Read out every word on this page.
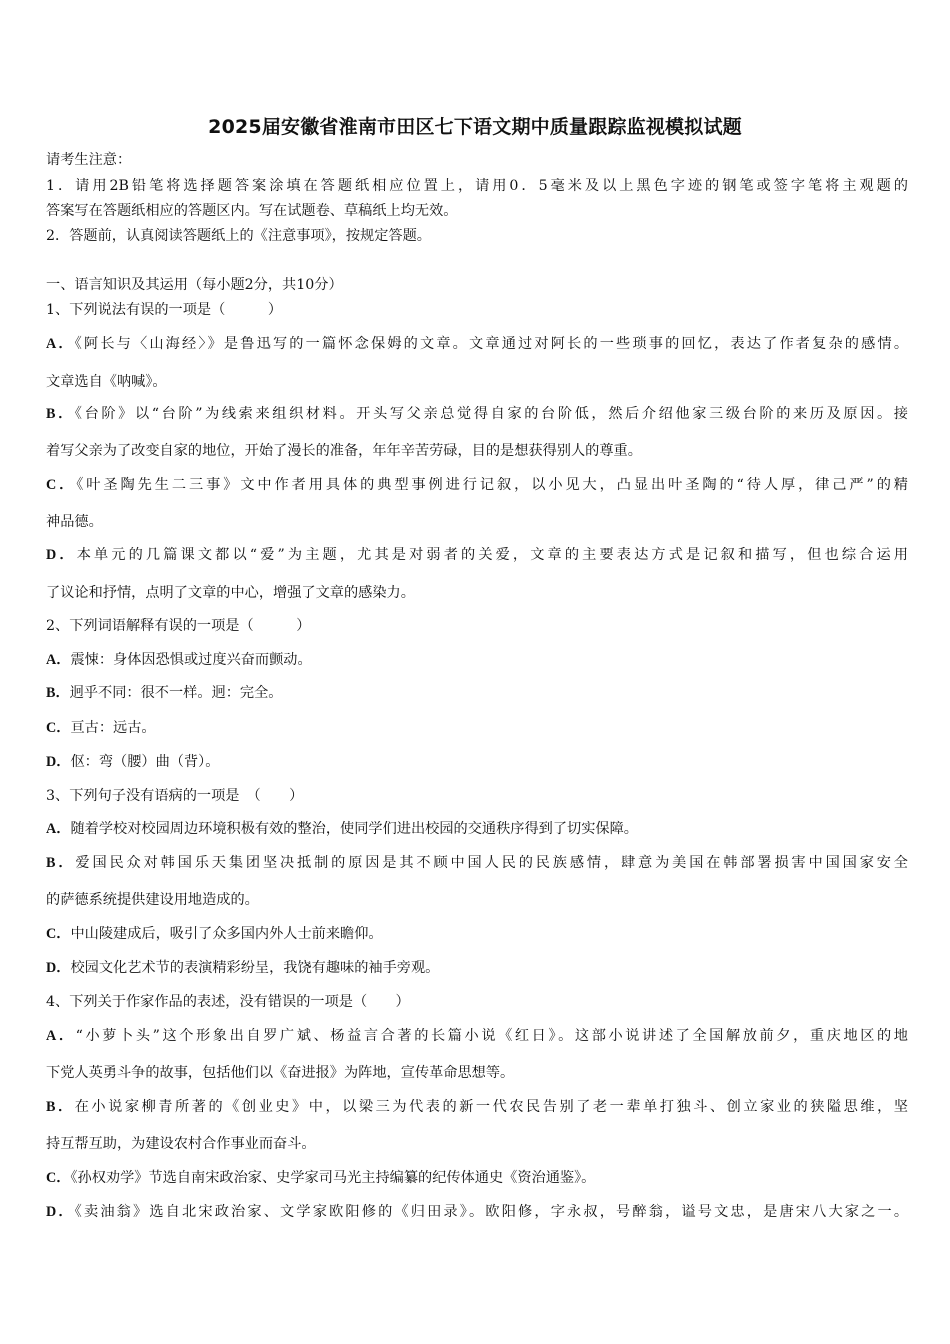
2025届安徽省淮南市田区七下语文期中质量跟踪监视模拟试题
请考生注意：
1．请用2B铅笔将选择题答案涂填在答题纸相应位置上，请用0．5毫米及以上黑色字迹的钢笔或签字笔将主观题的
答案写在答题纸相应的答题区内。写在试题卷、草稿纸上均无效。
2．答题前，认真阅读答题纸上的《注意事项》，按规定答题。
一、语言知识及其运用（每小题2分，共10分）
1、下列说法有误的一项是（　　　）
A．《阿长与〈山海经〉》是鲁迅写的一篇怀念保姆的文章。文章通过对阿长的一些琐事的回忆，表达了作者复杂的感情。
文章选自《呐喊》。
B．《台阶》以“台阶”为线索来组织材料。开头写父亲总觉得自家的台阶低，然后介绍他家三级台阶的来历及原因。接
着写父亲为了改变自家的地位，开始了漫长的准备，年年辛苦劳碌，目的是想获得别人的尊重。
C．《叶圣陶先生二三事》文中作者用具体的典型事例进行记叙，以小见大，凸显出叶圣陶的“待人厚，律己严”的精
神品德。
D．本单元的几篇课文都以“爱”为主题，尤其是对弱者的关爱，文章的主要表达方式是记叙和描写，但也综合运用
了议论和抒情，点明了文章的中心，增强了文章的感染力。
2、下列词语解释有误的一项是（　　　）
A．震悚：身体因恐惧或过度兴奋而颤动。
B．迥乎不同：很不一样。迥：完全。
C．亘古：远古。
D．伛：弯（腰）曲（背）。
3、下列句子没有语病的一项是　（　　）
A．随着学校对校园周边环境积极有效的整治，使同学们进出校园的交通秩序得到了切实保障。
B．爱国民众对韩国乐天集团坚决抵制的原因是其不顾中国人民的民族感情，肆意为美国在韩部署损害中国国家安全
的萨德系统提供建设用地造成的。
C．中山陵建成后，吸引了众多国内外人士前来瞻仰。
D．校园文化艺术节的表演精彩纷呈，我饶有趣味的袖手旁观。
4、下列关于作家作品的表述，没有错误的一项是（　　）
A．“小萝卜头”这个形象出自罗广斌、杨益言合著的长篇小说《红日》。这部小说讲述了全国解放前夕，重庆地区的地
下党人英勇斗争的故事，包括他们以《奋进报》为阵地，宣传革命思想等。
B．在小说家柳青所著的《创业史》中，以梁三为代表的新一代农民告别了老一辈单打独斗、创立家业的狭隘思维，坚
持互帮互助，为建设农村合作事业而奋斗。
C．《孙权劝学》节选自南宋政治家、史学家司马光主持编纂的纪传体通史《资治通鉴》。
D．《卖油翁》选自北宋政治家、文学家欧阳修的《归田录》。欧阳修，字永叔，号醉翁，谥号文忠，是唐宋八大家之一。
